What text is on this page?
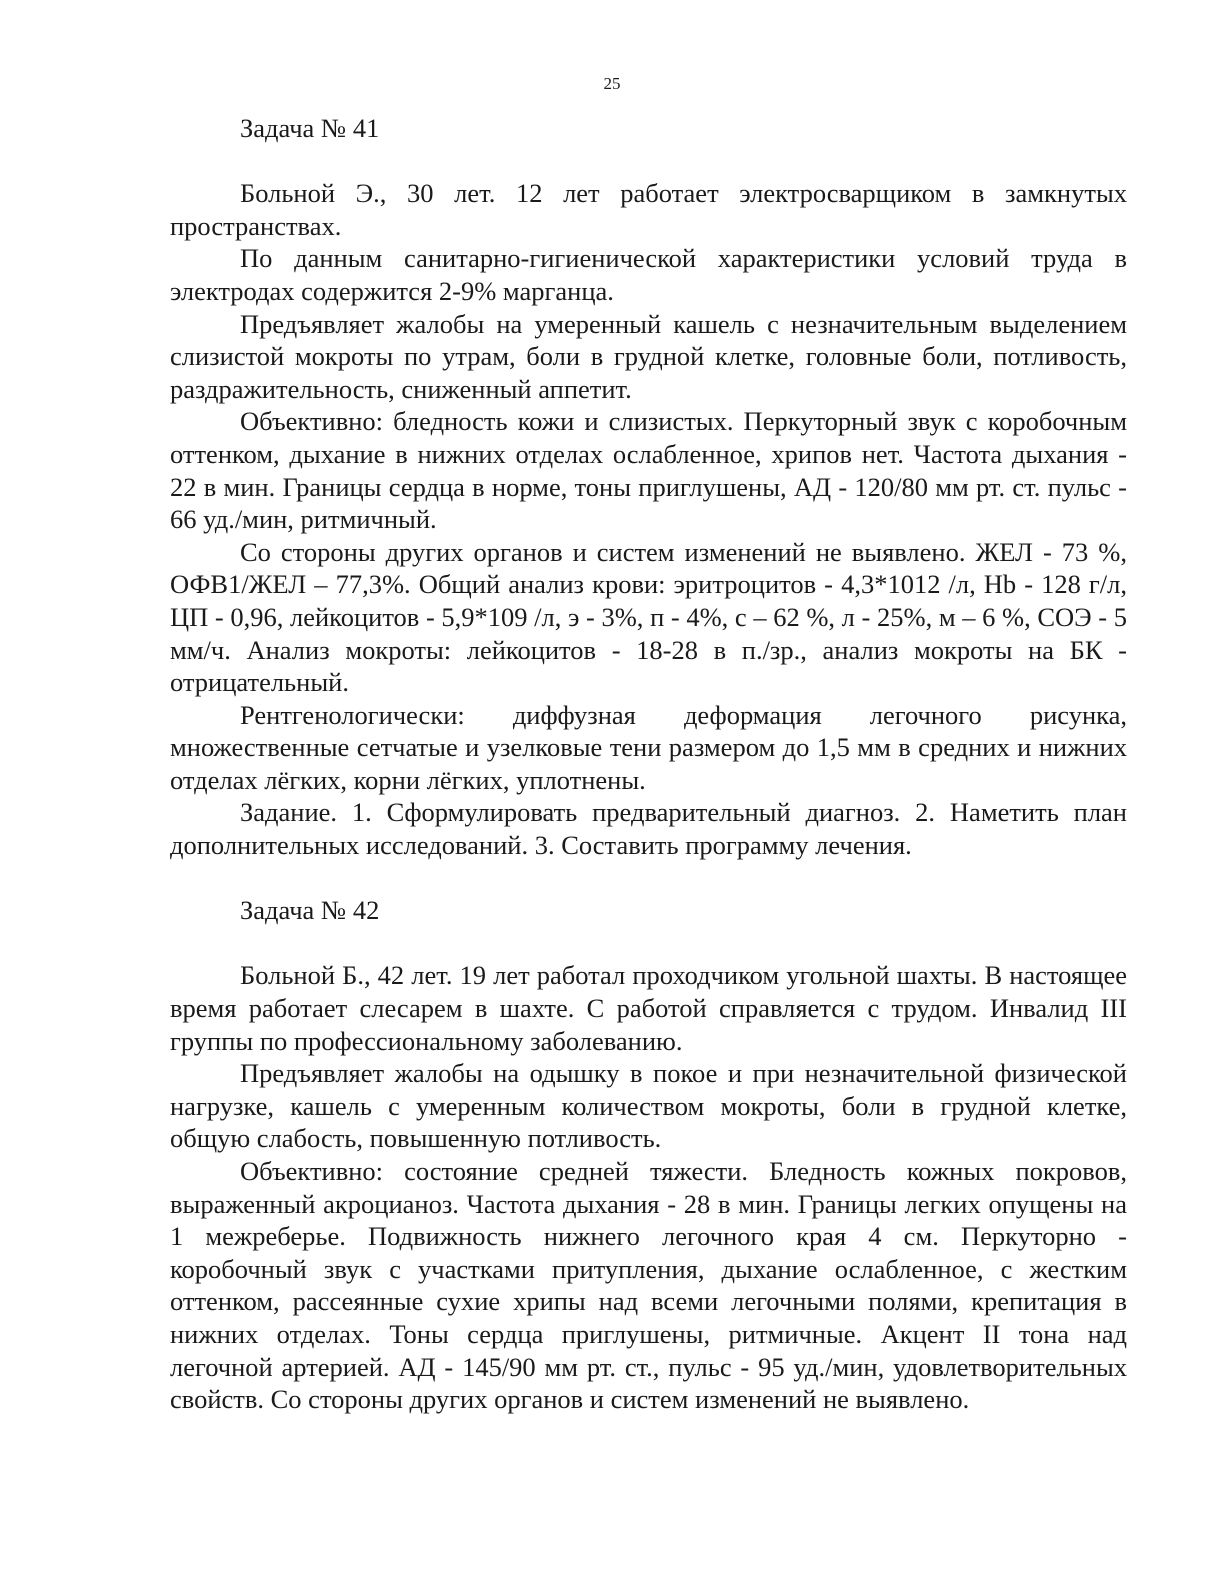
25
Задача № 41

Больной Э., 30 лет. 12 лет работает электросварщиком в замкнутых пространствах.

По данным санитарно-гигиенической характеристики условий труда в электродах содержится 2-9% марганца.

Предъявляет жалобы на умеренный кашель с незначительным выделением слизистой мокроты по утрам, боли в грудной клетке, головные боли, потливость, раздражительность, сниженный аппетит.

Объективно: бледность кожи и слизистых. Перкуторный звук с коробочным оттенком, дыхание в нижних отделах ослабленное, хрипов нет. Частота дыхания - 22 в мин. Границы сердца в норме, тоны приглушены, АД - 120/80 мм рт. ст. пульс - 66 уд./мин, ритмичный.

Со стороны других органов и систем изменений не выявлено. ЖЕЛ - 73 %, ОФВ1/ЖЕЛ – 77,3%. Общий анализ крови: эритроцитов - 4,3*1012 /л, Hb - 128 г/л, ЦП - 0,96, лейкоцитов - 5,9*109 /л, э - 3%, п - 4%, с – 62 %, л - 25%, м – 6 %, СОЭ - 5 мм/ч. Анализ мокроты: лейкоцитов - 18-28 в п./зр., анализ мокроты на БК - отрицательный.

Рентгенологически: диффузная деформация легочного рисунка, множественные сетчатые и узелковые тени размером до 1,5 мм в средних и нижних отделах лёгких, корни лёгких, уплотнены.

Задание. 1. Сформулировать предварительный диагноз. 2. Наметить план дополнительных исследований. 3. Составить программу лечения.

Задача № 42

Больной Б., 42 лет. 19 лет работал проходчиком угольной шахты. В настоящее время работает слесарем в шахте. С работой справляется с трудом. Инвалид III группы по профессиональному заболеванию.

Предъявляет жалобы на одышку в покое и при незначительной физической нагрузке, кашель с умеренным количеством мокроты, боли в грудной клетке, общую слабость, повышенную потливость.

Объективно: состояние средней тяжести. Бледность кожных покровов, выраженный акроцианоз. Частота дыхания - 28 в мин. Границы легких опущены на 1 межреберье. Подвижность нижнего легочного края 4 см. Перкуторно - коробочный звук с участками притупления, дыхание ослабленное, с жестким оттенком, рассеянные сухие хрипы над всеми легочными полями, крепитация в нижних отделах. Тоны сердца приглушены, ритмичные. Акцент II тона над легочной артерией. АД - 145/90 мм рт. ст., пульс - 95 уд./мин, удовлетворительных свойств. Со стороны других органов и систем изменений не выявлено.
